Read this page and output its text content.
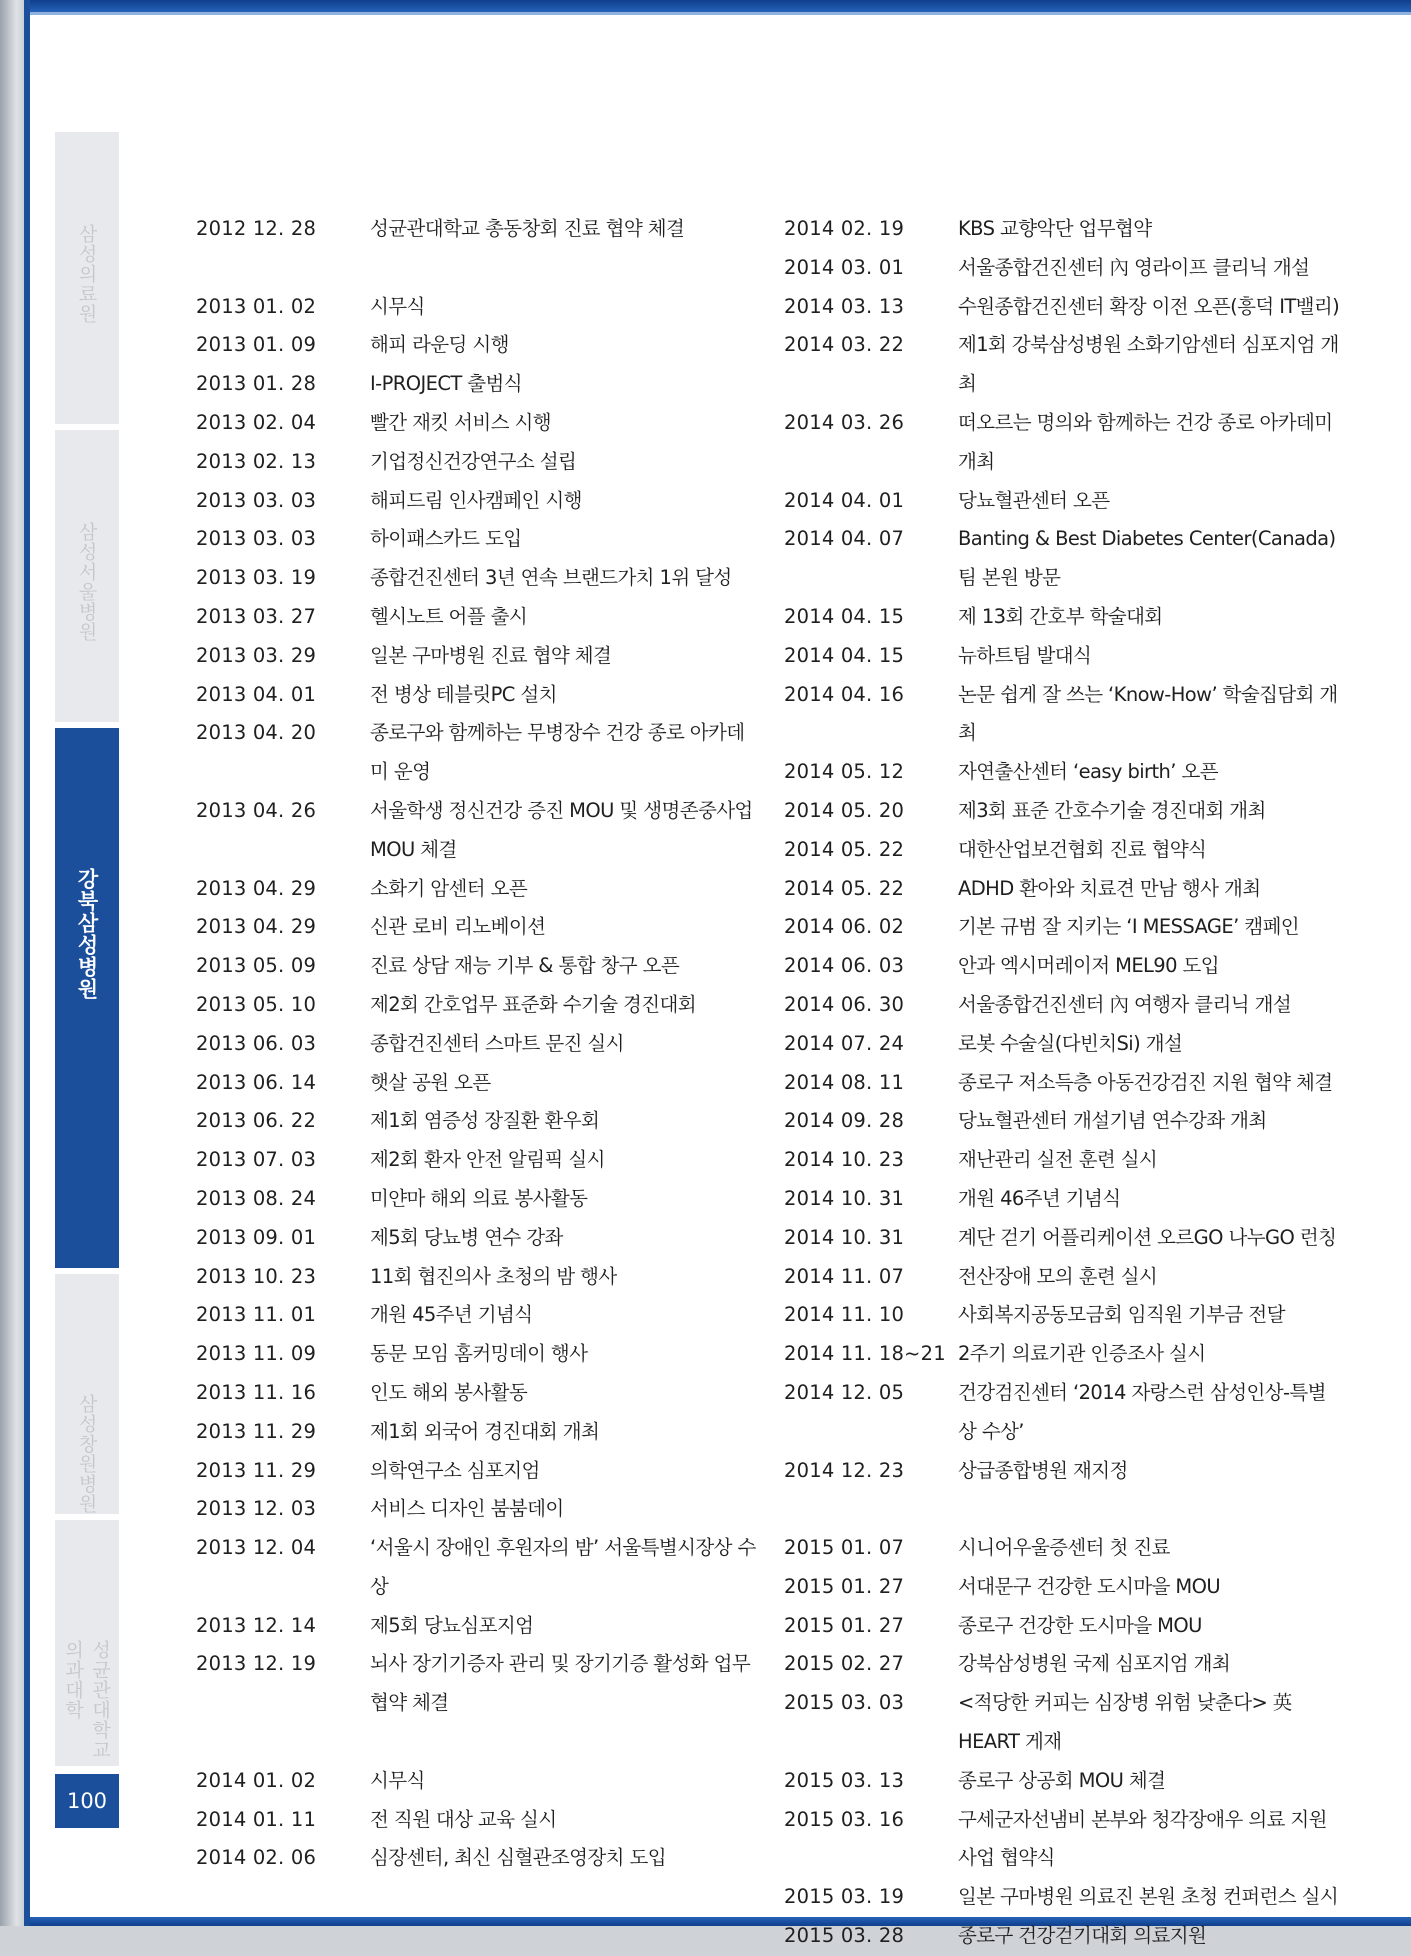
삼성의료원
삼성서울병원
강북삼성병원
삼성창원병원
성균관대학교 의과대학
100
2012 12. 28	성균관대학교 총동창회 진료 협약 체결
2013 01. 02	시무식
2013 01. 09	해피 라운딩 시행
2013 01. 28	I-PROJECT 출범식
2013 02. 04	빨간 재킷 서비스 시행
2013 02. 13	기업정신건강연구소 설립
2013 03. 03	해피드림 인사캠페인 시행
2013 03. 03	하이패스카드 도입
2013 03. 19	종합건진센터 3년 연속 브랜드가치 1위 달성
2013 03. 27	헬시노트 어플 출시
2013 03. 29	일본 구마병원 진료 협약 체결
2013 04. 01	전 병상 테블릿PC 설치
2013 04. 20	종로구와 함께하는 무병장수 건강 종로 아카데미 운영
2013 04. 26	서울학생 정신건강 증진 MOU 및 생명존중사업 MOU 체결
2013 04. 29	소화기 암센터 오픈
2013 04. 29	신관 로비 리노베이션
2013 05. 09	진료 상담 재능 기부 & 통합 창구 오픈
2013 05. 10	제2회 간호업무 표준화 수기술 경진대회
2013 06. 03	종합건진센터 스마트 문진 실시
2013 06. 14	햇살 공원 오픈
2013 06. 22	제1회 염증성 장질환 환우회
2013 07. 03	제2회 환자 안전 알림픽 실시
2013 08. 24	미얀마 해외 의료 봉사활동
2013 09. 01	제5회 당뇨병 연수 강좌
2013 10. 23	11회 협진의사 초청의 밤 행사
2013 11. 01	개원 45주년 기념식
2013 11. 09	동문 모임 홈커밍데이 행사
2013 11. 16	인도 해외 봉사활동
2013 11. 29	제1회 외국어 경진대회 개최
2013 11. 29	의학연구소 심포지엄
2013 12. 03	서비스 디자인 붐붐데이
2013 12. 04	‘서울시 장애인 후원자의 밤’ 서울특별시장상 수상
2013 12. 14	제5회 당뇨심포지엄
2013 12. 19	뇌사 장기기증자 관리 및 장기기증 활성화 업무 협약 체결
2014 01. 02	시무식
2014 01. 11	전 직원 대상 교육 실시
2014 02. 06	심장센터, 최신 심혈관조영장치 도입
2014 02. 19	KBS 교향악단 업무협약
2014 03. 01	서울종합건진센터 內 영라이프 클리닉 개설
2014 03. 13	수원종합건진센터 확장 이전 오픈(흥덕 IT밸리)
2014 03. 22	제1회 강북삼성병원 소화기암센터 심포지엄 개최
2014 03. 26	떠오르는 명의와 함께하는 건강 종로 아카데미 개최
2014 04. 01	당뇨혈관센터 오픈
2014 04. 07	Banting & Best Diabetes Center(Canada)팀 본원 방문
2014 04. 15	제 13회 간호부 학술대회
2014 04. 15	뉴하트팀 발대식
2014 04. 16	논문 쉽게 잘 쓰는 ‘Know-How’ 학술집담회 개최
2014 05. 12	자연출산센터 ‘easy birth’ 오픈
2014 05. 20	제3회 표준 간호수기술 경진대회 개최
2014 05. 22	대한산업보건협회 진료 협약식
2014 05. 22	ADHD 환아와 치료견 만남 행사 개최
2014 06. 02	기본 규범 잘 지키는 ‘I MESSAGE’ 캠페인
2014 06. 03	안과 엑시머레이저 MEL90 도입
2014 06. 30	서울종합건진센터 內 여행자 클리닉 개설
2014 07. 24	로봇 수술실(다빈치Si) 개설
2014 08. 11	종로구 저소득층 아동건강검진 지원 협약 체결
2014 09. 28	당뇨혈관센터 개설기념 연수강좌 개최
2014 10. 23	재난관리 실전 훈련 실시
2014 10. 31	개원 46주년 기념식
2014 10. 31	계단 걷기 어플리케이션 오르GO 나누GO 런칭
2014 11. 07	전산장애 모의 훈련 실시
2014 11. 10	사회복지공동모금회 임직원 기부금 전달
2014 11. 18~21 2주기 의료기관 인증조사 실시
2014 12. 05	건강검진센터 ‘2014 자랑스런 삼성인상-특별상 수상’
2014 12. 23	상급종합병원 재지정
2015 01. 07	시니어우울증센터 첫 진료
2015 01. 27	서대문구 건강한 도시마을 MOU
2015 01. 27	종로구 건강한 도시마을 MOU
2015 02. 27	강북삼성병원 국제 심포지엄 개최
2015 03. 03	<적당한 커피는 심장병 위험 낮춘다> 英 HEART 게재
2015 03. 13	종로구 상공회 MOU 체결
2015 03. 16	구세군자선냄비 본부와 청각장애우 의료 지원 사업 협약식
2015 03. 19	일본 구마병원 의료진 본원 초청 컨퍼런스 실시
2015 03. 28	종로구 건강걷기대회 의료지원
